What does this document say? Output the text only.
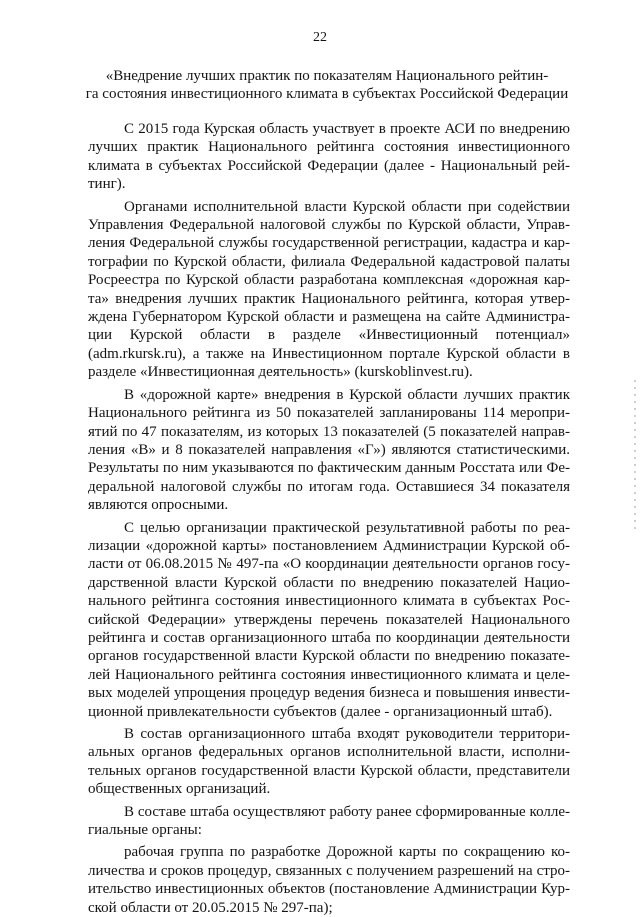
22
«Внедрение лучших практик по показателям Национального рейтин-
га состояния инвестиционного климата в субъектах Российской Федерации
С 2015 года Курская область участвует в проекте АСИ по внедрению
лучших практик Национального рейтинга состояния инвестиционного
климата в субъектах Российской Федерации (далее - Национальный рей-
тинг).
Органами исполнительной власти Курской области при содействии
Управления Федеральной налоговой службы по Курской области, Управ-
ления Федеральной службы государственной регистрации, кадастра и кар-
тографии по Курской области, филиала Федеральной кадастровой палаты
Росреестра по Курской области разработана комплексная «дорожная кар-
та» внедрения лучших практик Национального рейтинга, которая утвер-
ждена Губернатором Курской области и размещена на сайте Администра-
ции Курской области в разделе «Инвестиционный потенциал»
(adm.rkursk.ru), а также на Инвестиционном портале Курской области в
разделе «Инвестиционная деятельность» (kurskoblinvest.ru).
В «дорожной карте» внедрения в Курской области лучших практик
Национального рейтинга из 50 показателей запланированы 114 меропри-
ятий по 47 показателям, из которых 13 показателей (5 показателей направ-
ления «В» и 8 показателей направления «Г») являются статистическими.
Результаты по ним указываются по фактическим данным Росстата или Фе-
деральной налоговой службы по итогам года. Оставшиеся 34 показателя
являются опросными.
С целью организации практической результативной работы по реа-
лизации «дорожной карты» постановлением Администрации Курской об-
ласти от 06.08.2015 № 497-па «О координации деятельности органов госу-
дарственной власти Курской области по внедрению показателей Нацио-
нального рейтинга состояния инвестиционного климата в субъектах Рос-
сийской Федерации» утверждены перечень показателей Национального
рейтинга и состав организационного штаба по координации деятельности
органов государственной власти Курской области по внедрению показате-
лей Национального рейтинга состояния инвестиционного климата и целе-
вых моделей упрощения процедур ведения бизнеса и повышения инвести-
ционной привлекательности субъектов (далее - организационный штаб).
В состав организационного штаба входят руководители территори-
альных органов федеральных органов исполнительной власти, исполни-
тельных органов государственной власти Курской области, представители
общественных организаций.
В составе штаба осуществляют работу ранее сформированные колле-
гиальные органы:
рабочая группа по разработке Дорожной карты по сокращению ко-
личества и сроков процедур, связанных с получением разрешений на стро-
ительство инвестиционных объектов (постановление Администрации Кур-
ской области от 20.05.2015 № 297-па);
